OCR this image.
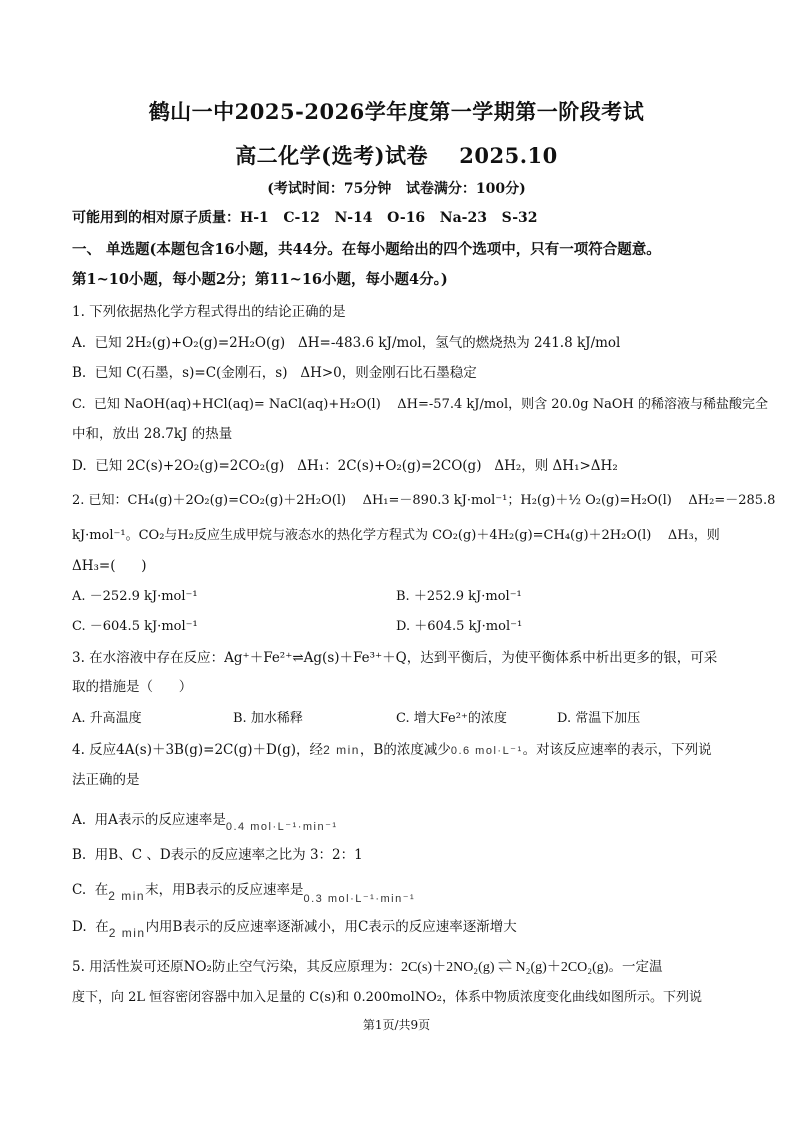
鹤山一中2025-2026学年度第一学期第一阶段考试
高二化学(选考)试卷    2025.10
(考试时间：75分钟   试卷满分：100分)
可能用到的相对原子质量：H-1   C-12   N-14   O-16   Na-23   S-32
一、 单选题(本题包含16小题，共44分。在每小题给出的四个选项中，只有一项符合题意。
第1~10小题，每小题2分；第11~16小题，每小题4分。)
1. 下列依据热化学方程式得出的结论正确的是
A.  已知 2H₂(g)+O₂(g)=2H₂O(g)   ΔH=-483.6 kJ/mol，氢气的燃烧热为 241.8 kJ/mol
B.  已知 C(石墨，s)=C(金刚石，s)   ΔH>0，则金刚石比石墨稳定
C.  已知 NaOH(aq)+HCl(aq)= NaCl(aq)+H₂O(l)    ΔH=-57.4 kJ/mol，则含 20.0g NaOH 的稀溶液与稀盐酸完全
中和，放出 28.7kJ 的热量
D.  已知 2C(s)+2O₂(g)=2CO₂(g)   ΔH₁：2C(s)+O₂(g)=2CO(g)   ΔH₂，则 ΔH₁>ΔH₂
2. 已知：CH₄(g)＋2O₂(g)=CO₂(g)＋2H₂O(l)    ΔH₁=－890.3 kJ·mol⁻¹；H₂(g)＋½ O₂(g)=H₂O(l)    ΔH₂=－285.8
kJ·mol⁻¹。CO₂与H₂反应生成甲烷与液态水的热化学方程式为 CO₂(g)＋4H₂(g)=CH₄(g)＋2H₂O(l)    ΔH₃，则
ΔH₃=(      )
A. －252.9 kJ·mol⁻¹	B. ＋252.9 kJ·mol⁻¹
C. －604.5 kJ·mol⁻¹	D. ＋604.5 kJ·mol⁻¹
3. 在水溶液中存在反应：Ag⁺＋Fe²⁺⇌Ag(s)＋Fe³⁺＋Q，达到平衡后，为使平衡体系中析出更多的银，可采
取的措施是（      ）
A. 升高温度	B. 加水稀释	C. 增大Fe²⁺的浓度	D. 常温下加压
4. 反应4A(s)＋3B(g)=2C(g)＋D(g)，经2 min，B的浓度减少0.6 mol·L⁻¹。对该反应速率的表示，下列说
法正确的是
A.  用A表示的反应速率是$_{0.4 mol\cdot L^{-1}\cdot min^{-1}}$
B.  用B、C 、D表示的反应速率之比为 3：2：1
C.  在2 min末，用B表示的反应速率是$_{0.3 mol\cdot L^{-1}\cdot min^{-1}}$
D.  在2 min内用B表示的反应速率逐渐减小，用C表示的反应速率逐渐增大
5. 用活性炭可还原NO₂防止空气污染，其反应原理为：2C(s)＋2NO₂(g) ⇌ N₂(g)＋2CO₂(g)。一定温
度下，向 2L 恒容密闭容器中加入足量的 C(s)和 0.200molNO₂，体系中物质浓度变化曲线如图所示。下列说
第1页/共9页
